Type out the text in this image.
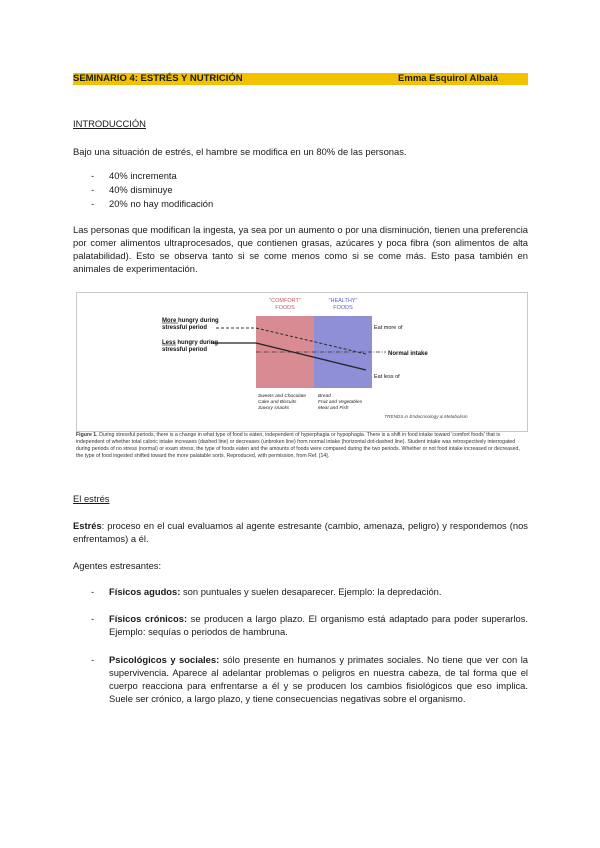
SEMINARIO 4: ESTRÉS Y NUTRICIÓN	Emma Esquirol Albalá
INTRODUCCIÓN
Bajo una situación de estrés, el hambre se modifica en un 80% de las personas.
- 40% incrementa
- 40% disminuye
- 20% no hay modificación
Las personas que modifican la ingesta, ya sea por un aumento o por una disminución, tienen una preferencia por comer alimentos ultraprocesados, que contienen grasas, azúcares y poca fibra (son alimentos de alta palatabilidad). Esto se observa tanto si se come menos como si se come más. Esto pasa también en animales de experimentación.
"COMFORT"
FOODS
"HEALTHY"
FOODS
More hungry during
stressful period
Less hungry during
stressful period
Eat more of
Normal intake
Eat less of
Sweets and Chocolate
Cake and Biscuits
Savory snacks
Bread
Fruit and Vegetables
Meat and Fish
TRENDS in Endocrinology & Metabolism
Figure 1. During stressful periods, there is a change in what type of food is eaten, independent of hyperphagia or hypophagia. There is a shift in food intake toward 'comfort foods' that is independent of whether total caloric intake increases (dashed line) or decreases (unbroken line) from normal intake (horizontal dot-dashed line). Student intake was retrospectively interrogated during periods of no stress (normal) or exam stress; the type of foods eaten and the amounts of foods were compared during the two periods. Whether or not food intake increased or decreased, the type of food ingested shifted toward the more palatable sorts. Reproduced, with permission, from Ref. [14].
El estrés
Estrés: proceso en el cual evaluamos al agente estresante (cambio, amenaza, peligro) y respondemos (nos enfrentamos) a él.
Agentes estresantes:
- Físicos agudos: son puntuales y suelen desaparecer. Ejemplo: la depredación.
- Físicos crónicos: se producen a largo plazo. El organismo está adaptado para poder superarlos. Ejemplo: sequías o periodos de hambruna.
- Psicológicos y sociales: sólo presente en humanos y primates sociales. No tiene que ver con la supervivencia. Aparece al adelantar problemas o peligros en nuestra cabeza, de tal forma que el cuerpo reacciona para enfrentarse a él y se producen los cambios fisiológicos que eso implica. Suele ser crónico, a largo plazo, y tiene consecuencias negativas sobre el organismo.
